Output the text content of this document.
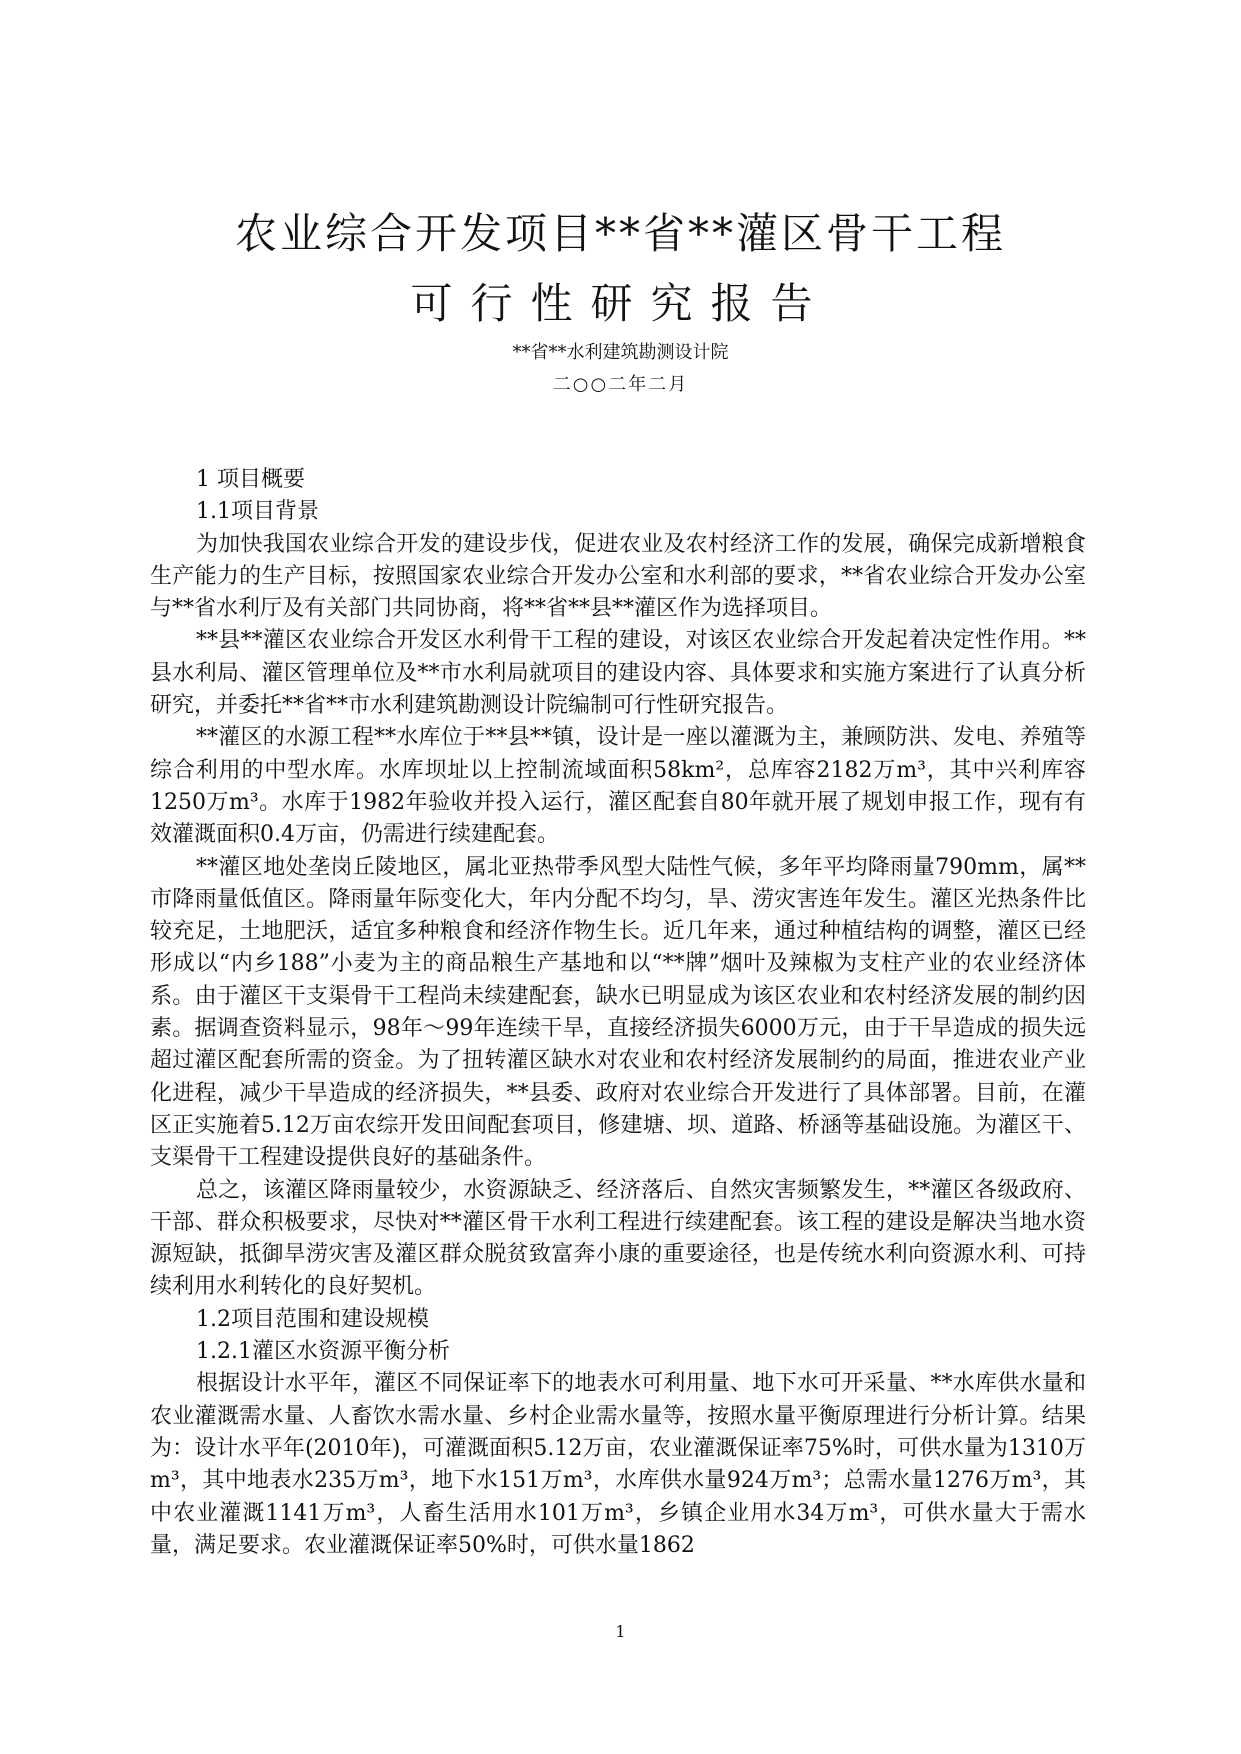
农业综合开发项目**省**灌区骨干工程
可行性研究报告
**省**水利建筑勘测设计院
二○○二年二月

1 项目概要

1.1项目背景

为加快我国农业综合开发的建设步伐，促进农业及农村经济工作的发展，确保完成新增粮食生产能力的生产目标，按照国家农业综合开发办公室和水利部的要求，**省农业综合开发办公室与**省水利厅及有关部门共同协商，将**省**县**灌区作为选择项目。

**县**灌区农业综合开发区水利骨干工程的建设，对该区农业综合开发起着决定性作用。**县水利局、灌区管理单位及**市水利局就项目的建设内容、具体要求和实施方案进行了认真分析研究，并委托**省**市水利建筑勘测设计院编制可行性研究报告。

**灌区的水源工程**水库位于**县**镇，设计是一座以灌溉为主，兼顾防洪、发电、养殖等综合利用的中型水库。水库坝址以上控制流域面积58km²，总库容2182万m³，其中兴利库容1250万m³。水库于1982年验收并投入运行，灌区配套自80年就开展了规划申报工作，现有有效灌溉面积0.4万亩，仍需进行续建配套。

**灌区地处垄岗丘陵地区，属北亚热带季风型大陆性气候，多年平均降雨量790mm，属**市降雨量低值区。降雨量年际变化大，年内分配不均匀，旱、涝灾害连年发生。灌区光热条件比较充足，土地肥沃，适宜多种粮食和经济作物生长。近几年来，通过种植结构的调整，灌区已经形成以“内乡188”小麦为主的商品粮生产基地和以“**牌”烟叶及辣椒为支柱产业的农业经济体系。由于灌区干支渠骨干工程尚未续建配套，缺水已明显成为该区农业和农村经济发展的制约因素。据调查资料显示，98年～99年连续干旱，直接经济损失6000万元，由于干旱造成的损失远超过灌区配套所需的资金。为了扭转灌区缺水对农业和农村经济发展制约的局面，推进农业产业化进程，减少干旱造成的经济损失，**县委、政府对农业综合开发进行了具体部署。目前，在灌区正实施着5.12万亩农综开发田间配套项目，修建塘、坝、道路、桥涵等基础设施。为灌区干、支渠骨干工程建设提供良好的基础条件。

总之，该灌区降雨量较少，水资源缺乏、经济落后、自然灾害频繁发生，**灌区各级政府、干部、群众积极要求，尽快对**灌区骨干水利工程进行续建配套。该工程的建设是解决当地水资源短缺，抵御旱涝灾害及灌区群众脱贫致富奔小康的重要途径，也是传统水利向资源水利、可持续利用水利转化的良好契机。

1.2项目范围和建设规模

1.2.1灌区水资源平衡分析

根据设计水平年，灌区不同保证率下的地表水可利用量、地下水可开采量、**水库供水量和农业灌溉需水量、人畜饮水需水量、乡村企业需水量等，按照水量平衡原理进行分析计算。结果为：设计水平年(2010年)，可灌溉面积5.12万亩，农业灌溉保证率75%时，可供水量为1310万m³，其中地表水235万m³，地下水151万m³，水库供水量924万m³；总需水量1276万m³，其中农业灌溉1141万m³，人畜生活用水101万m³，乡镇企业用水34万m³，可供水量大于需水量，满足要求。农业灌溉保证率50%时，可供水量1862

1
